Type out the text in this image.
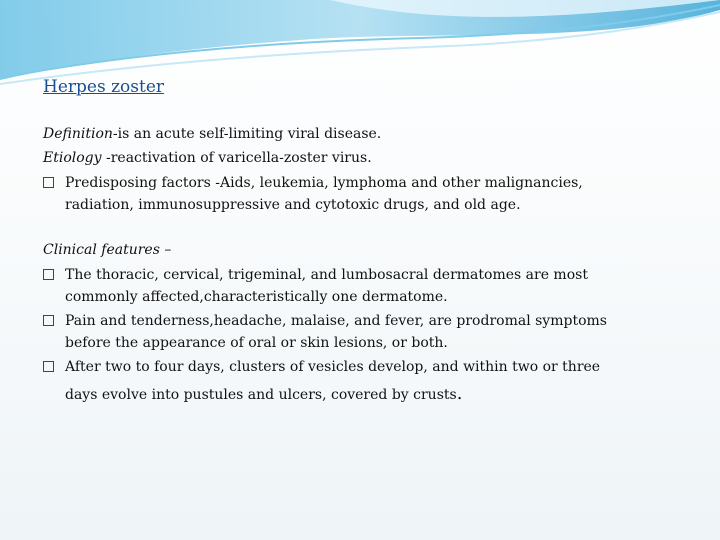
Herpes zoster
Definition-is an acute self-limiting viral disease.
Etiology -reactivation of varicella-zoster virus.
Predisposing factors -Aids, leukemia, lymphoma and other malignancies,
radiation, immunosuppressive and cytotoxic drugs, and old age.
Clinical features –
The thoracic, cervical, trigeminal, and lumbosacral dermatomes are most
commonly affected,characteristically one dermatome.
Pain and tenderness,headache, malaise, and fever, are prodromal symptoms
before the appearance of oral or skin lesions, or both.
After two to four days, clusters of vesicles develop, and within two or three
days evolve into pustules and ulcers, covered by crusts.
